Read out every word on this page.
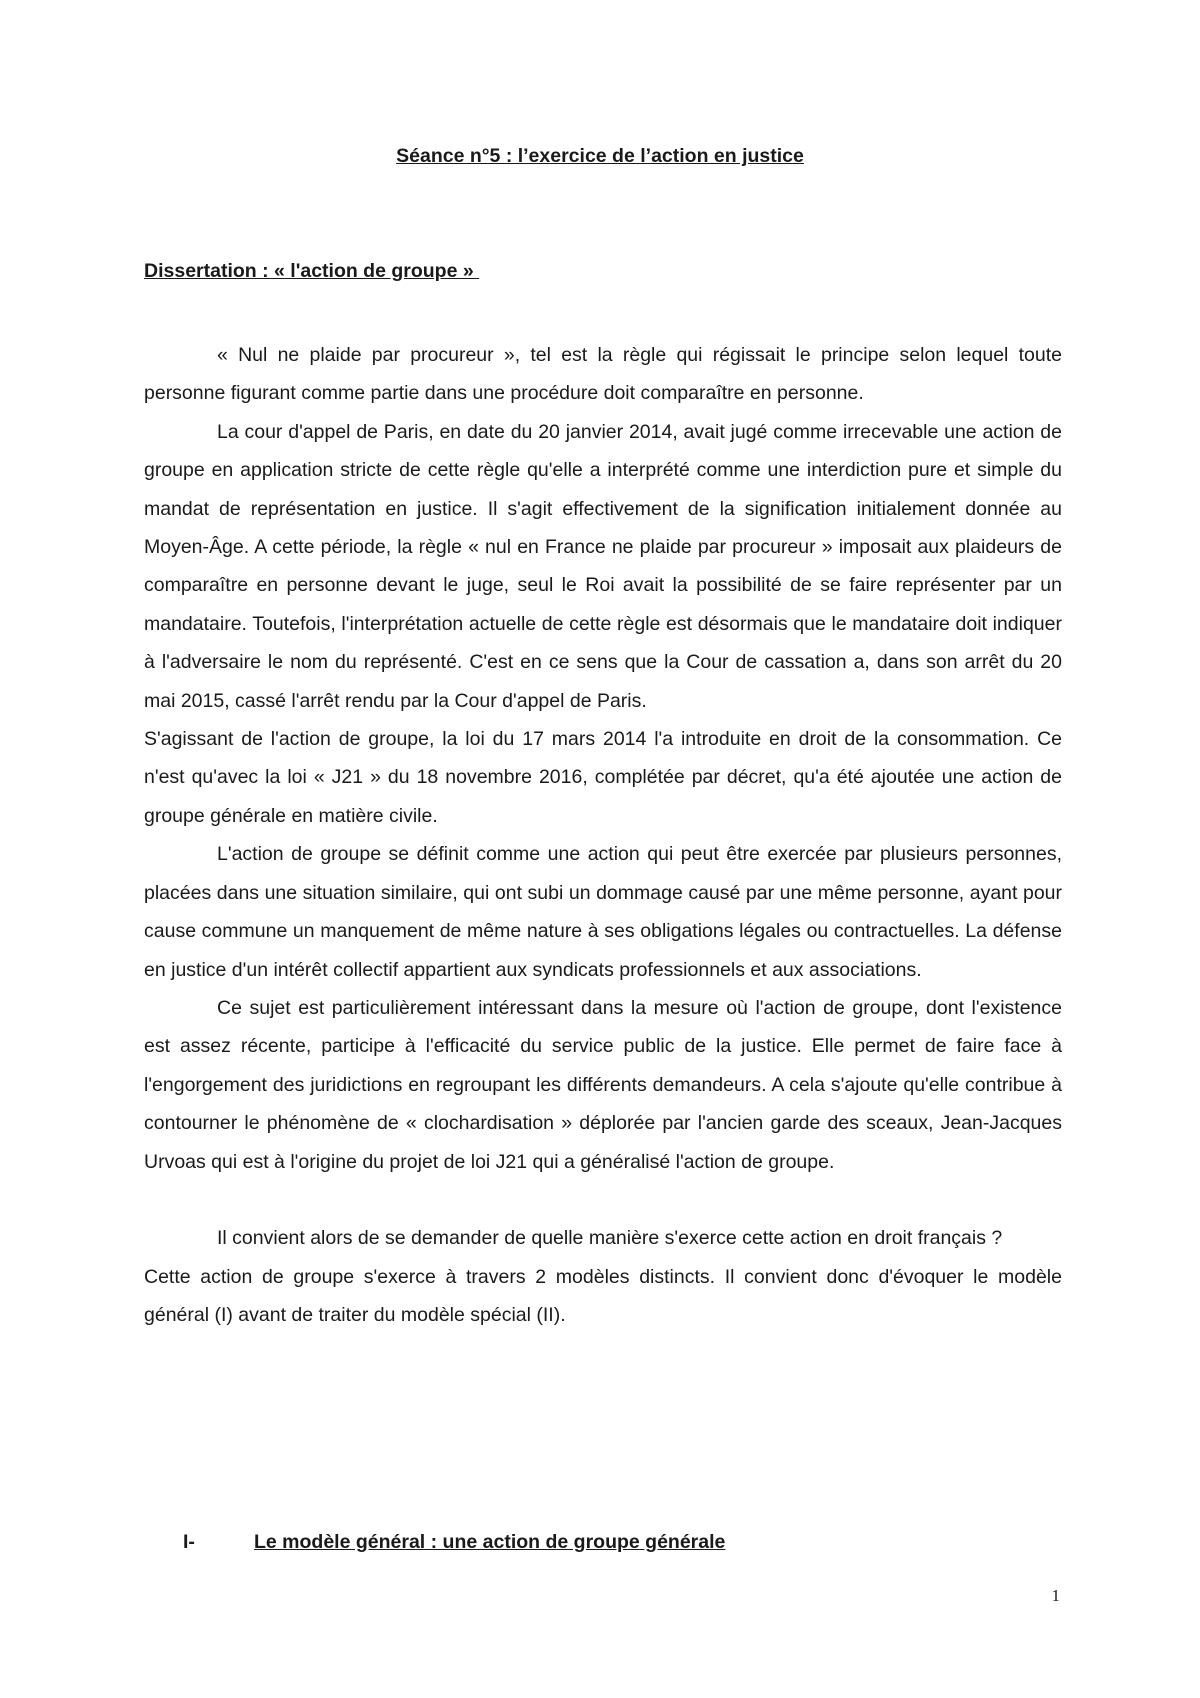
Séance n°5 : l’exercice de l’action en justice
Dissertation : « l'action de groupe »

« Nul ne plaide par procureur », tel est la règle qui régissait le principe selon lequel toute personne figurant comme partie dans une procédure doit comparaître en personne.

La cour d'appel de Paris, en date du 20 janvier 2014, avait jugé comme irrecevable une action de groupe en application stricte de cette règle qu'elle a interprété comme une interdiction pure et simple du mandat de représentation en justice. Il s'agit effectivement de la signification initialement donnée au Moyen-Âge. A cette période, la règle « nul en France ne plaide par procureur » imposait aux plaideurs de comparaître en personne devant le juge, seul le Roi avait la possibilité de se faire représenter par un mandataire. Toutefois, l'interprétation actuelle de cette règle est désormais que le mandataire doit indiquer à l'adversaire le nom du représenté. C'est en ce sens que la Cour de cassation a, dans son arrêt du 20 mai 2015, cassé l'arrêt rendu par la Cour d'appel de Paris.

S'agissant de l'action de groupe, la loi du 17 mars 2014 l'a introduite en droit de la consommation. Ce n'est qu'avec la loi « J21 » du 18 novembre 2016, complétée par décret, qu'a été ajoutée une action de groupe générale en matière civile.

L'action de groupe se définit comme une action qui peut être exercée par plusieurs personnes, placées dans une situation similaire, qui ont subi un dommage causé par une même personne, ayant pour cause commune un manquement de même nature à ses obligations légales ou contractuelles. La défense en justice d'un intérêt collectif appartient aux syndicats professionnels et aux associations.

Ce sujet est particulièrement intéressant dans la mesure où l'action de groupe, dont l'existence est assez récente, participe à l'efficacité du service public de la justice. Elle permet de faire face à l'engorgement des juridictions en regroupant les différents demandeurs. A cela s'ajoute qu'elle contribue à contourner le phénomène de « clochardisation » déplorée par l'ancien garde des sceaux, Jean-Jacques Urvoas qui est à l'origine du projet de loi J21 qui a généralisé l'action de groupe.

Il convient alors de se demander de quelle manière s'exerce cette action en droit français ?

Cette action de groupe s'exerce à travers 2 modèles distincts. Il convient donc d'évoquer le modèle général (I) avant de traiter du modèle spécial (II).

I-	Le modèle général : une action de groupe générale
1
